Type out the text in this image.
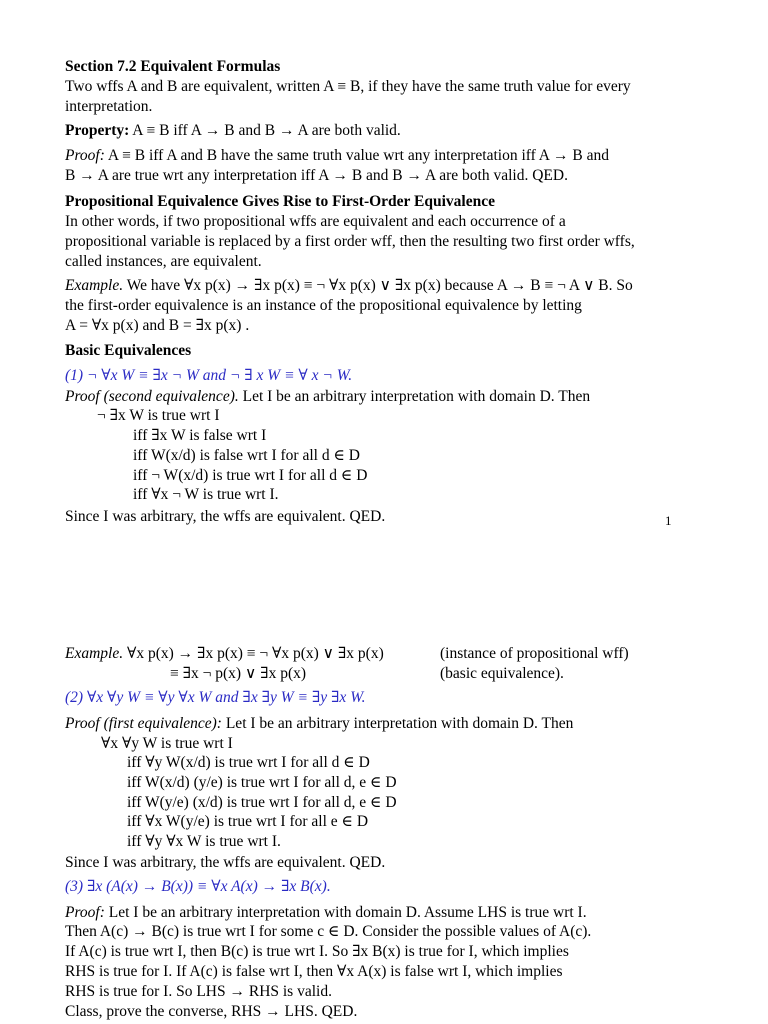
1
Section 7.2 Equivalent Formulas
Two wffs A and B are equivalent, written A ≡ B, if they have the same truth value for every
interpretation.
Property: A ≡ B iff A → B and B → A are both valid.
Proof: A ≡ B iff A and B have the same truth value wrt any interpretation iff A → B and
B → A are true wrt any interpretation iff A → B and B → A are both valid. QED.
Propositional Equivalence Gives Rise to First-Order Equivalence
In other words, if two propositional wffs are equivalent and each occurrence of a
propositional variable is replaced by a first order wff, then the resulting two first order wffs,
called instances, are equivalent.
Example. We have ∀x p(x) → ∃x p(x) ≡ ¬ ∀x p(x) ∨ ∃x p(x) because A → B ≡ ¬ A ∨ B. So
the first-order equivalence is an instance of the propositional equivalence by letting
A = ∀x p(x) and B = ∃x p(x) .
Basic Equivalences
(1) ¬ ∀x W ≡ ∃x ¬ W and ¬ ∃ x W ≡ ∀ x ¬ W.
Proof (second equivalence). Let I be an arbitrary interpretation with domain D. Then
¬ ∃x W is true wrt I
iff ∃x W is false wrt I
iff W(x/d) is false wrt I for all d ∈ D
iff ¬ W(x/d) is true wrt I for all d ∈ D
iff ∀x ¬ W is true wrt I.
Since I was arbitrary, the wffs are equivalent. QED.
(2) ∀x ∀y W ≡ ∀y ∀x W and ∃x ∃y W ≡ ∃y ∃x W.
Proof (first equivalence): Let I be an arbitrary interpretation with domain D. Then
∀x ∀y W is true wrt I
iff ∀y W(x/d) is true wrt I for all d ∈ D
iff W(x/d) (y/e) is true wrt I for all d, e ∈ D
iff W(y/e) (x/d) is true wrt I for all d, e ∈ D
iff ∀x W(y/e) is true wrt I for all e ∈ D
iff ∀y ∀x W is true wrt I.
Since I was arbitrary, the wffs are equivalent. QED.
(3) ∃x (A(x) → B(x)) ≡ ∀x A(x) → ∃x B(x).
Proof: Let I be an arbitrary interpretation with domain D. Assume LHS is true wrt I.
Then A(c) → B(c) is true wrt I for some c ∈ D. Consider the possible values of A(c).
If A(c) is true wrt I, then B(c) is true wrt I. So ∃x B(x) is true for I, which implies
RHS is true for I. If A(c) is false wrt I, then ∀x A(x) is false wrt I, which implies
RHS is true for I. So LHS → RHS is valid.
Class, prove the converse, RHS → LHS. QED.
Example. ∀x p(x) → ∃x p(x) ≡ ¬ ∀x p(x) ∨ ∃x p(x)	(instance of propositional wff)
≡ ∃x ¬ p(x) ∨ ∃x p(x)	(basic equivalence).
